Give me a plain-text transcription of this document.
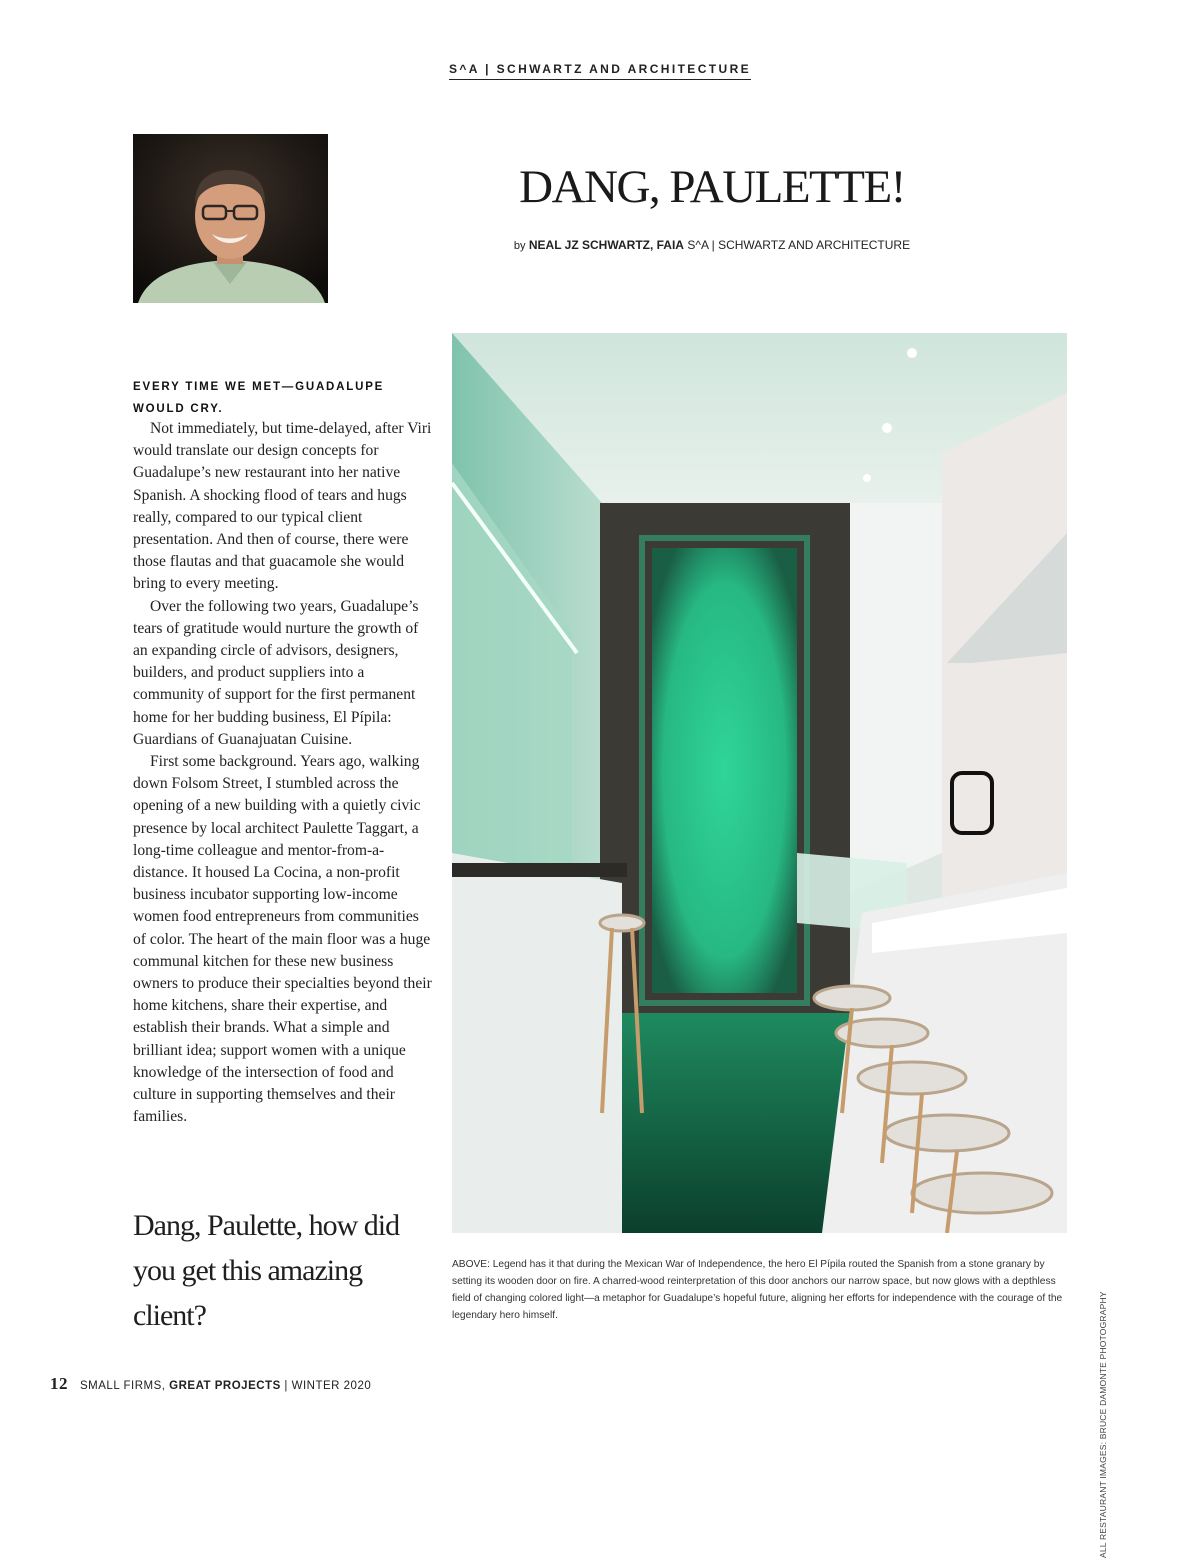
S^A | SCHWARTZ AND ARCHITECTURE
DANG, PAULETTE!
by NEAL JZ SCHWARTZ, FAIA S^A | SCHWARTZ AND ARCHITECTURE
EVERY TIME WE MET—GUADALUPE WOULD CRY.

Not immediately, but time-delayed, after Viri would translate our design concepts for Guadalupe’s new restaurant into her native Spanish. A shocking flood of tears and hugs really, compared to our typical client presentation. And then of course, there were those flautas and that guacamole she would bring to every meeting.

Over the following two years, Guadalupe’s tears of gratitude would nurture the growth of an expanding circle of advisors, designers, builders, and product suppliers into a community of support for the first permanent home for her budding business, El Pípila: Guardians of Guanajuatan Cuisine.

First some background. Years ago, walking down Folsom Street, I stumbled across the opening of a new building with a quietly civic presence by local architect Paulette Taggart, a long-time colleague and mentor-from-a-distance. It housed La Cocina, a non-profit business incubator supporting low-income women food entrepreneurs from communities of color. The heart of the main floor was a huge communal kitchen for these new business owners to produce their specialties beyond their home kitchens, share their expertise, and establish their brands. What a simple and brilliant idea; support women with a unique knowledge of the intersection of food and culture in supporting themselves and their families.

Dang, Paulette, how did you get this amazing client?
ABOVE: Legend has it that during the Mexican War of Independence, the hero El Pípila routed the Spanish from a stone granary by setting its wooden door on fire. A charred-wood reinterpretation of this door anchors our narrow space, but now glows with a depthless field of changing colored light—a metaphor for Guadalupe’s hopeful future, aligning her efforts for independence with the courage of the legendary hero himself.	ALL RESTAURANT IMAGES: BRUCE DAMONTE PHOTOGRAPHY
12 SMALL FIRMS, GREAT PROJECTS | WINTER 2020
